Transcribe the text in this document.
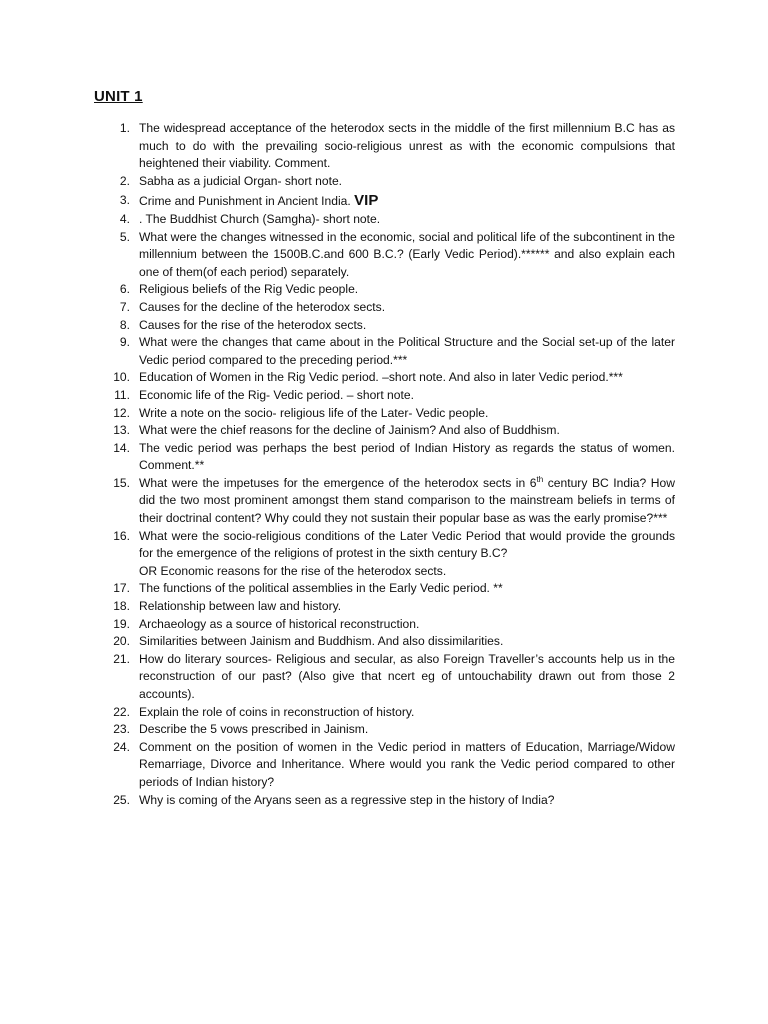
UNIT 1
1. The widespread acceptance of the heterodox sects in the middle of the first millennium B.C has as much to do with the prevailing socio-religious unrest as with the economic compulsions that heightened their viability. Comment.
2. Sabha as a judicial Organ- short note.
3. Crime and Punishment in Ancient India. VIP
4. . The Buddhist Church (Samgha)- short note.
5. What were the changes witnessed in the economic, social and political life of the subcontinent in the millennium between the 1500B.C.and 600 B.C.? (Early Vedic Period).****** and also explain each one of them(of each period) separately.
6. Religious beliefs of the Rig Vedic people.
7. Causes for the decline of the heterodox sects.
8. Causes for the rise of the heterodox sects.
9. What were the changes that came about in the Political Structure and the Social set-up of the later Vedic period compared to the preceding period.***
10. Education of Women in the Rig Vedic period. –short note. And also in later Vedic period.***
11. Economic life of the Rig- Vedic period. – short note.
12. Write a note on the socio- religious life of the Later- Vedic people.
13. What were the chief reasons for the decline of Jainism? And also of Buddhism.
14. The vedic period was perhaps the best period of Indian History as regards the status of women. Comment.**
15. What were the impetuses for the emergence of the heterodox sects in 6th century BC India? How did the two most prominent amongst them stand comparison to the mainstream beliefs in terms of their doctrinal content? Why could they not sustain their popular base as was the early promise?***
16. What were the socio-religious conditions of the Later Vedic Period that would provide the grounds for the emergence of the religions of protest in the sixth century B.C?
OR Economic reasons for the rise of the heterodox sects.
17. The functions of the political assemblies in the Early Vedic period. **
18. Relationship between law and history.
19. Archaeology as a source of historical reconstruction.
20. Similarities between Jainism and Buddhism. And also dissimilarities.
21. How do literary sources- Religious and secular, as also Foreign Traveller’s accounts help us in the reconstruction of our past? (Also give that ncert eg of untouchability drawn out from those 2 accounts).
22. Explain the role of coins in reconstruction of history.
23. Describe the 5 vows prescribed in Jainism.
24. Comment on the position of women in the Vedic period in matters of Education, Marriage/Widow Remarriage, Divorce and Inheritance. Where would you rank the Vedic period compared to other periods of Indian history?
25. Why is coming of the Aryans seen as a regressive step in the history of India?
